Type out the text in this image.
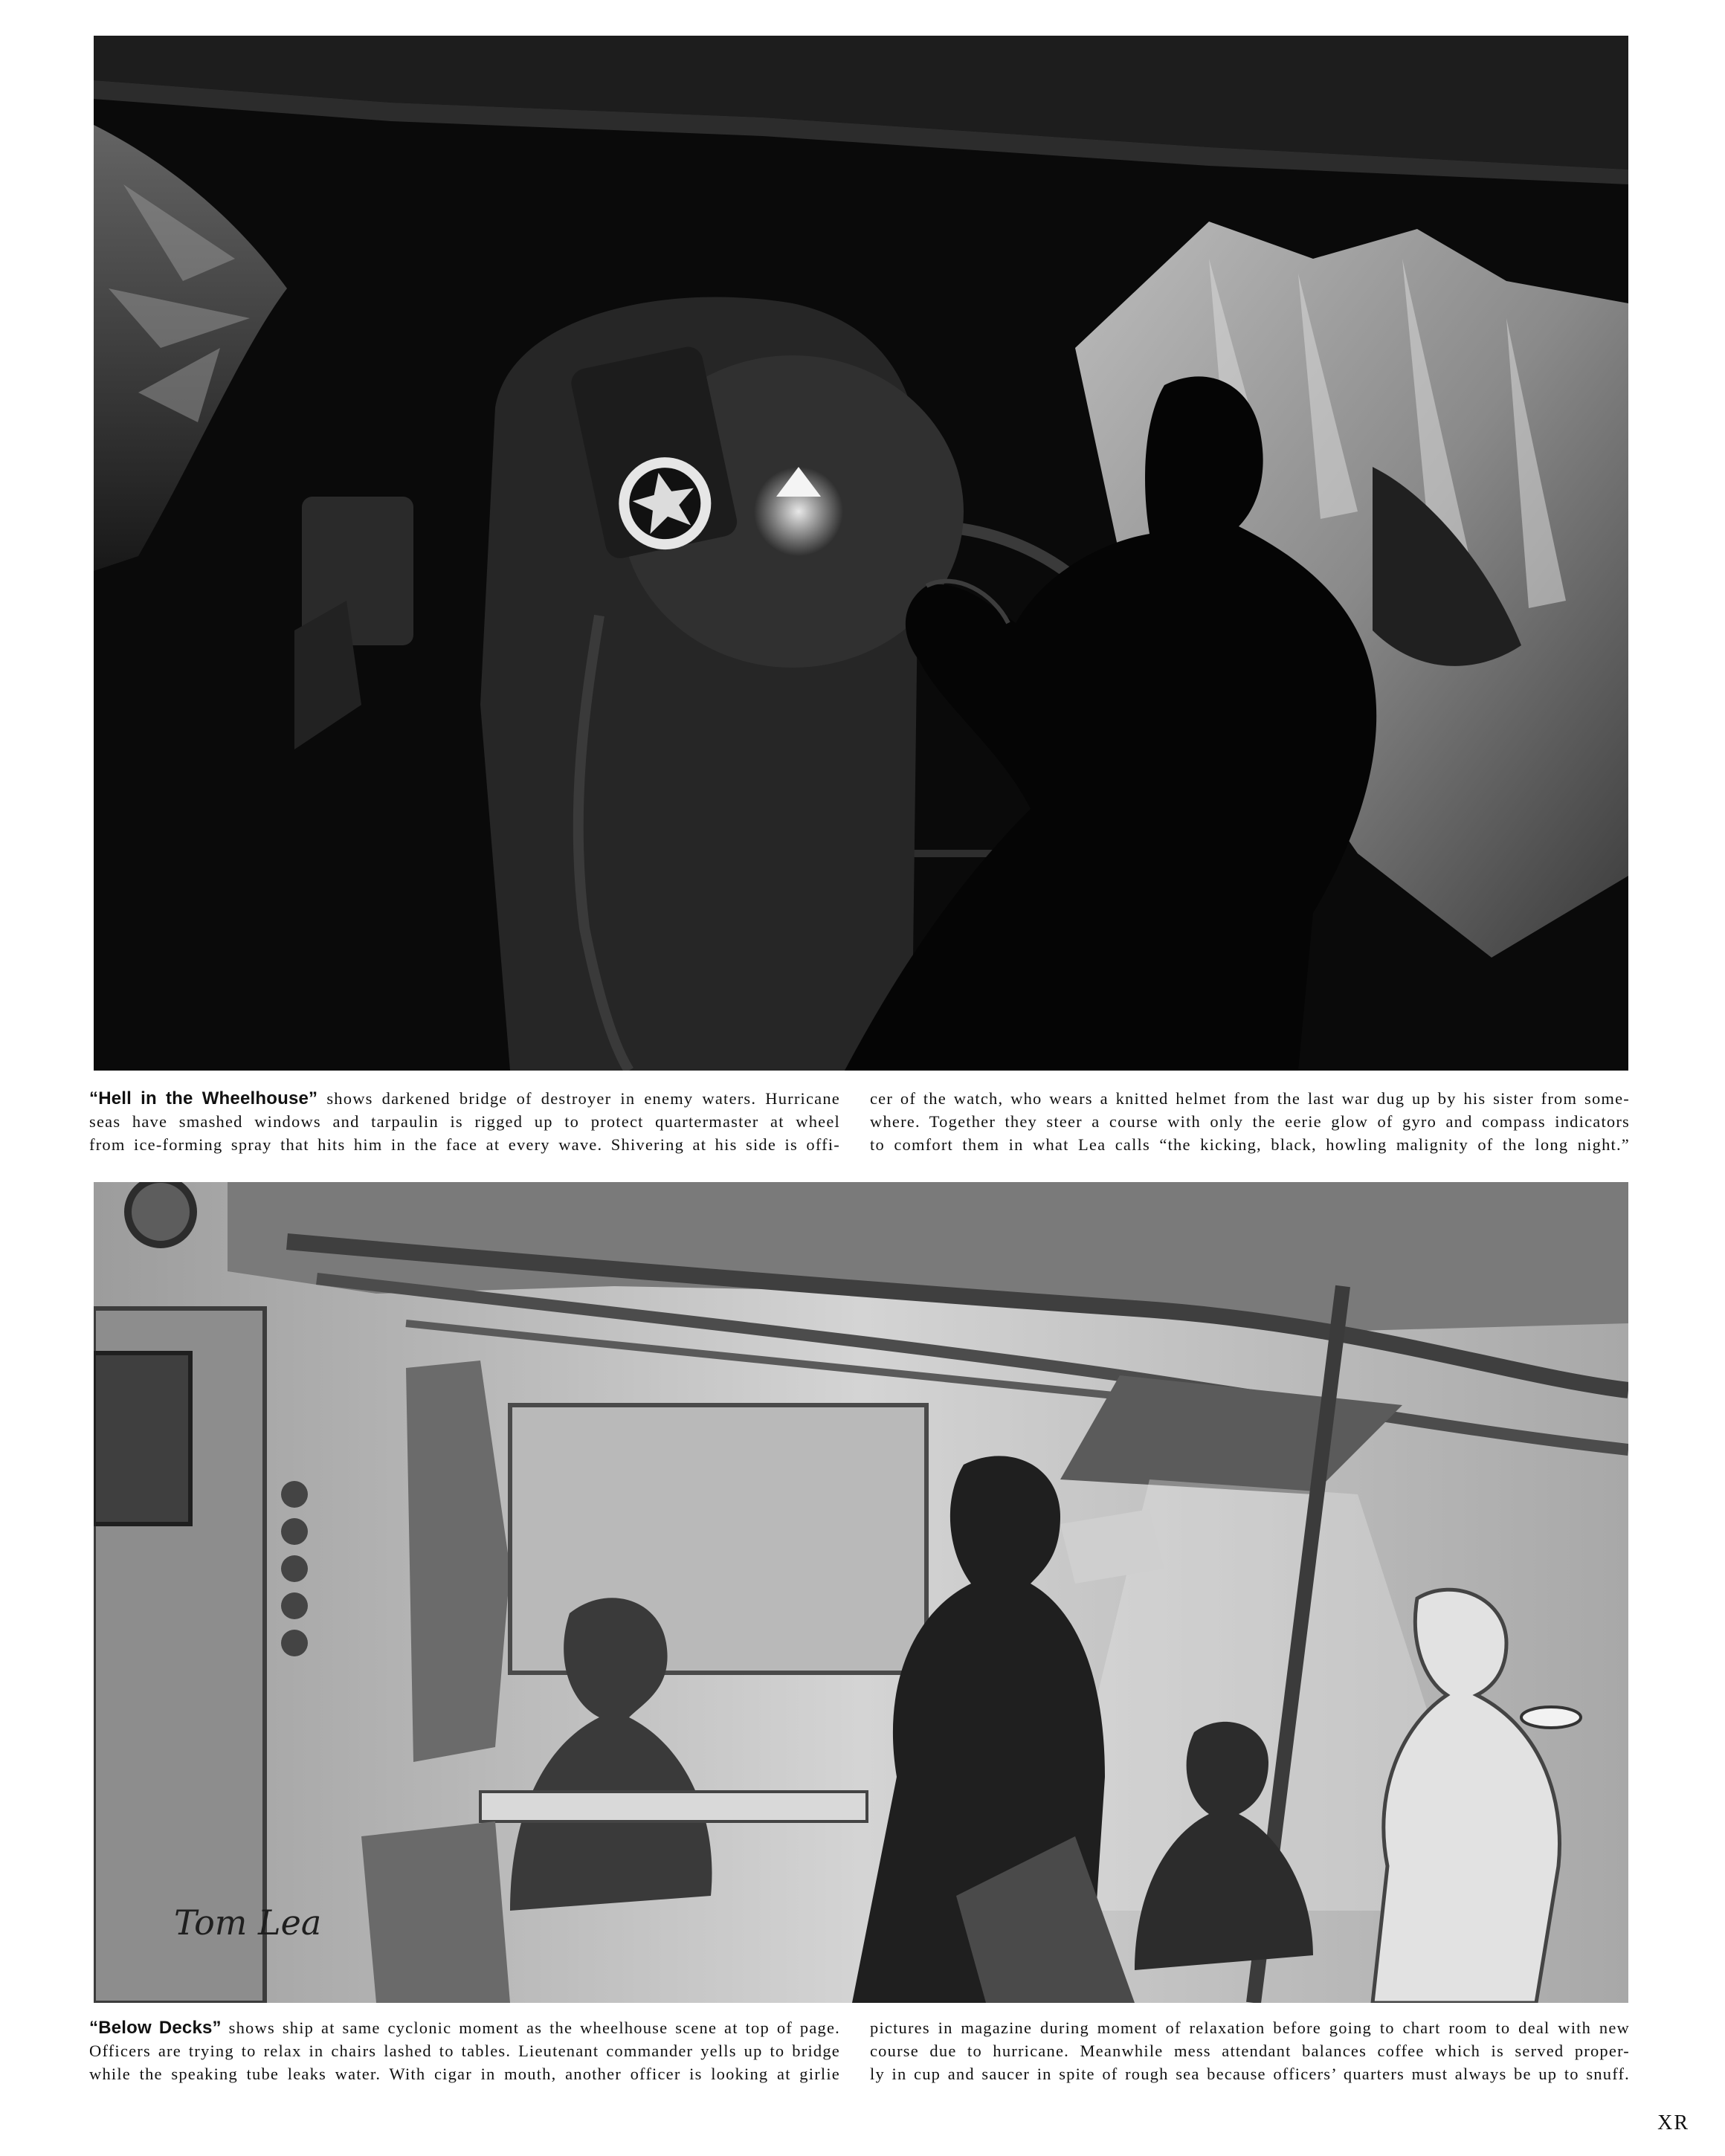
“Hell in the Wheelhouse” shows darkened bridge of destroyer in enemy waters. Hurricane
seas have smashed windows and tarpaulin is rigged up to protect quartermaster at wheel
from ice-forming spray that hits him in the face at every wave. Shivering at his side is offi-
cer of the watch, who wears a knitted helmet from the last war dug up by his sister from some-
where. Together they steer a course with only the eerie glow of gyro and compass indicators
to comfort them in what Lea calls “the kicking, black, howling malignity of the long night.”
Tom Lea
“Below Decks” shows ship at same cyclonic moment as the wheelhouse scene at top of page.
Officers are trying to relax in chairs lashed to tables. Lieutenant commander yells up to bridge
while the speaking tube leaks water. With cigar in mouth, another officer is looking at girlie
pictures in magazine during moment of relaxation before going to chart room to deal with new
course due to hurricane. Meanwhile mess attendant balances coffee which is served proper-
ly in cup and saucer in spite of rough sea because officers’ quarters must always be up to snuff.
XR
